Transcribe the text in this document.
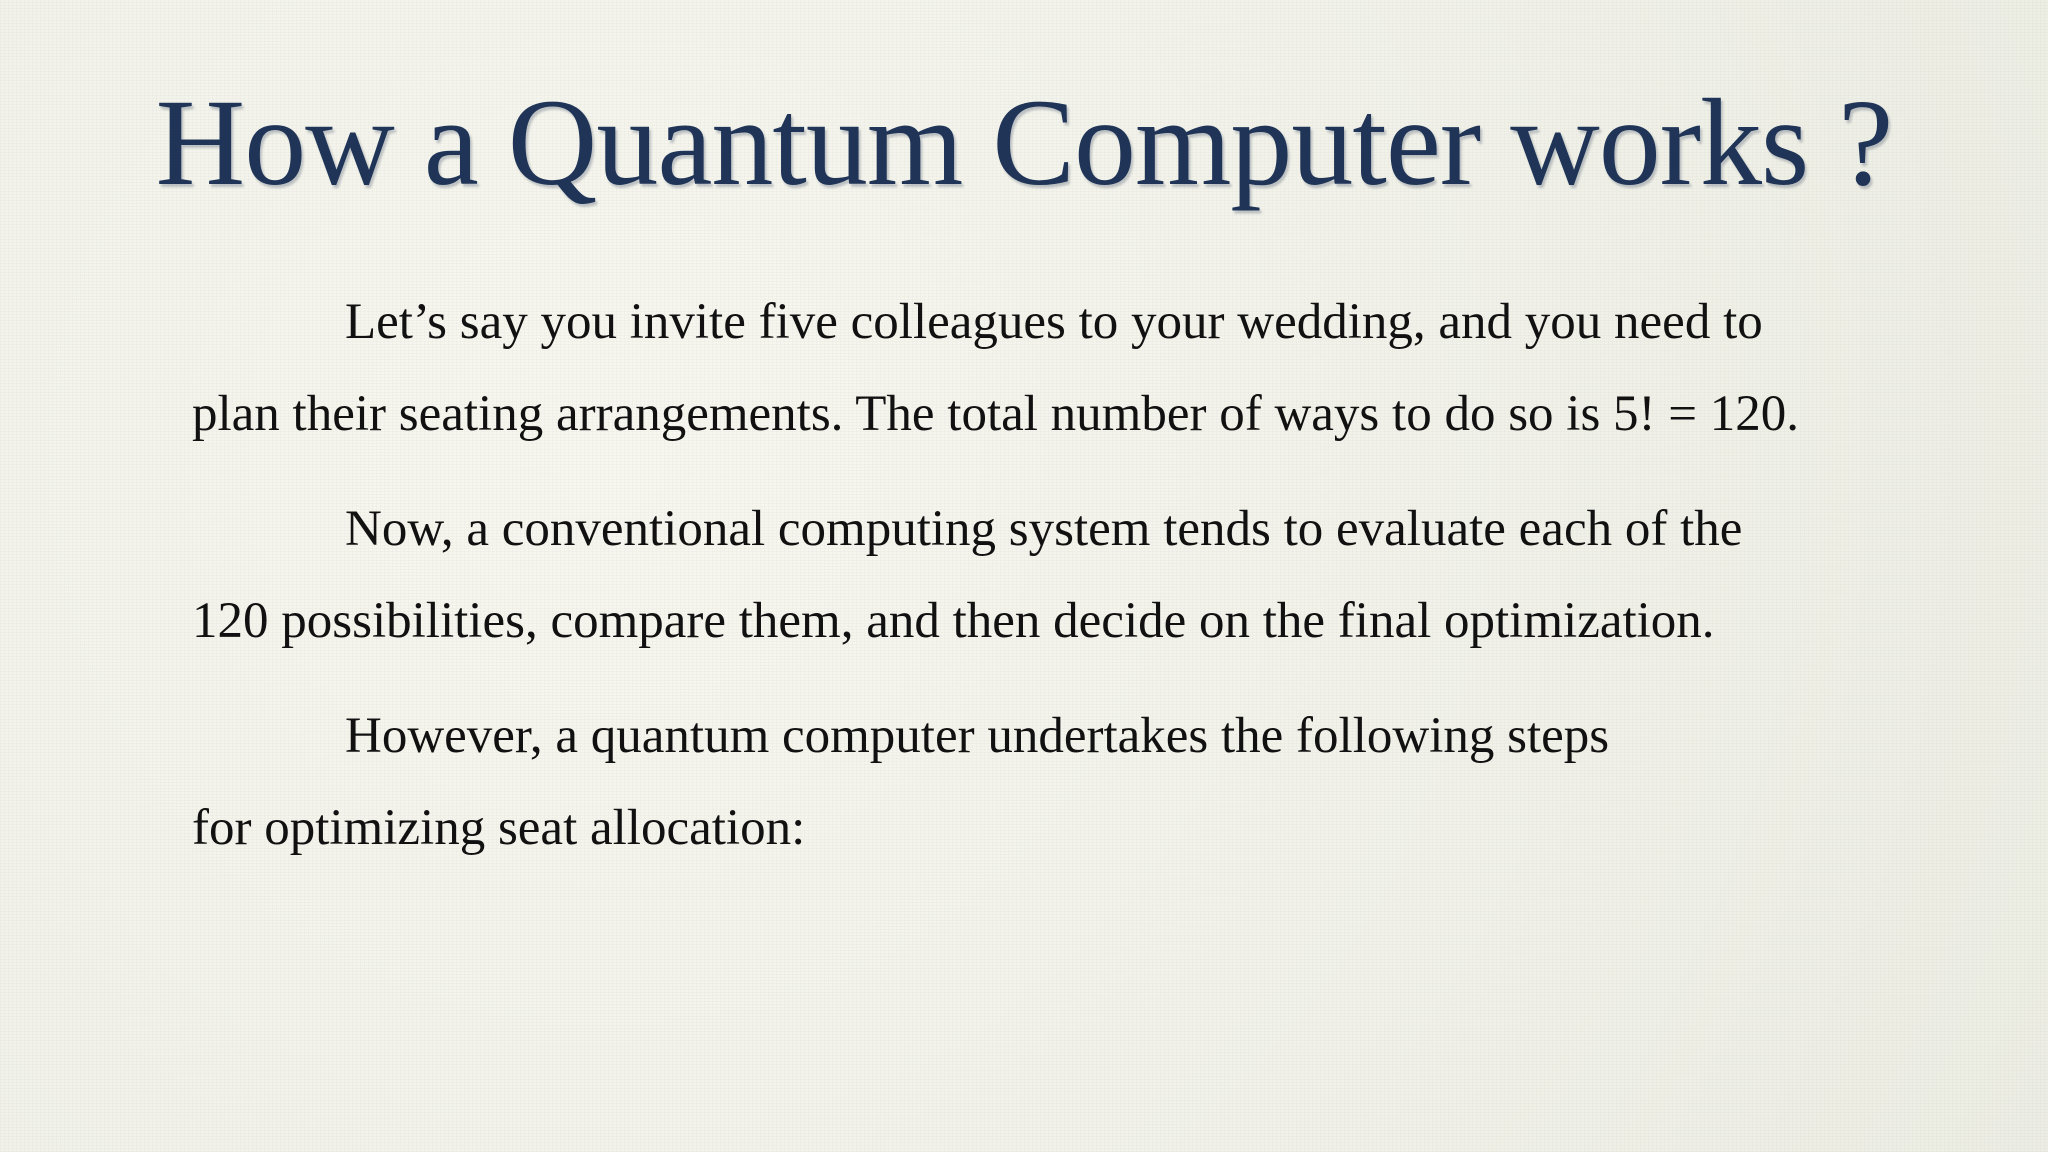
How a Quantum Computer works ?

Let’s say you invite five colleagues to your wedding, and you need to
plan their seating arrangements. The total number of ways to do so is 5! = 120.

Now, a conventional computing system tends to evaluate each of the
120 possibilities, compare them, and then decide on the final optimization.

However, a quantum computer undertakes the following steps
for optimizing seat allocation:
